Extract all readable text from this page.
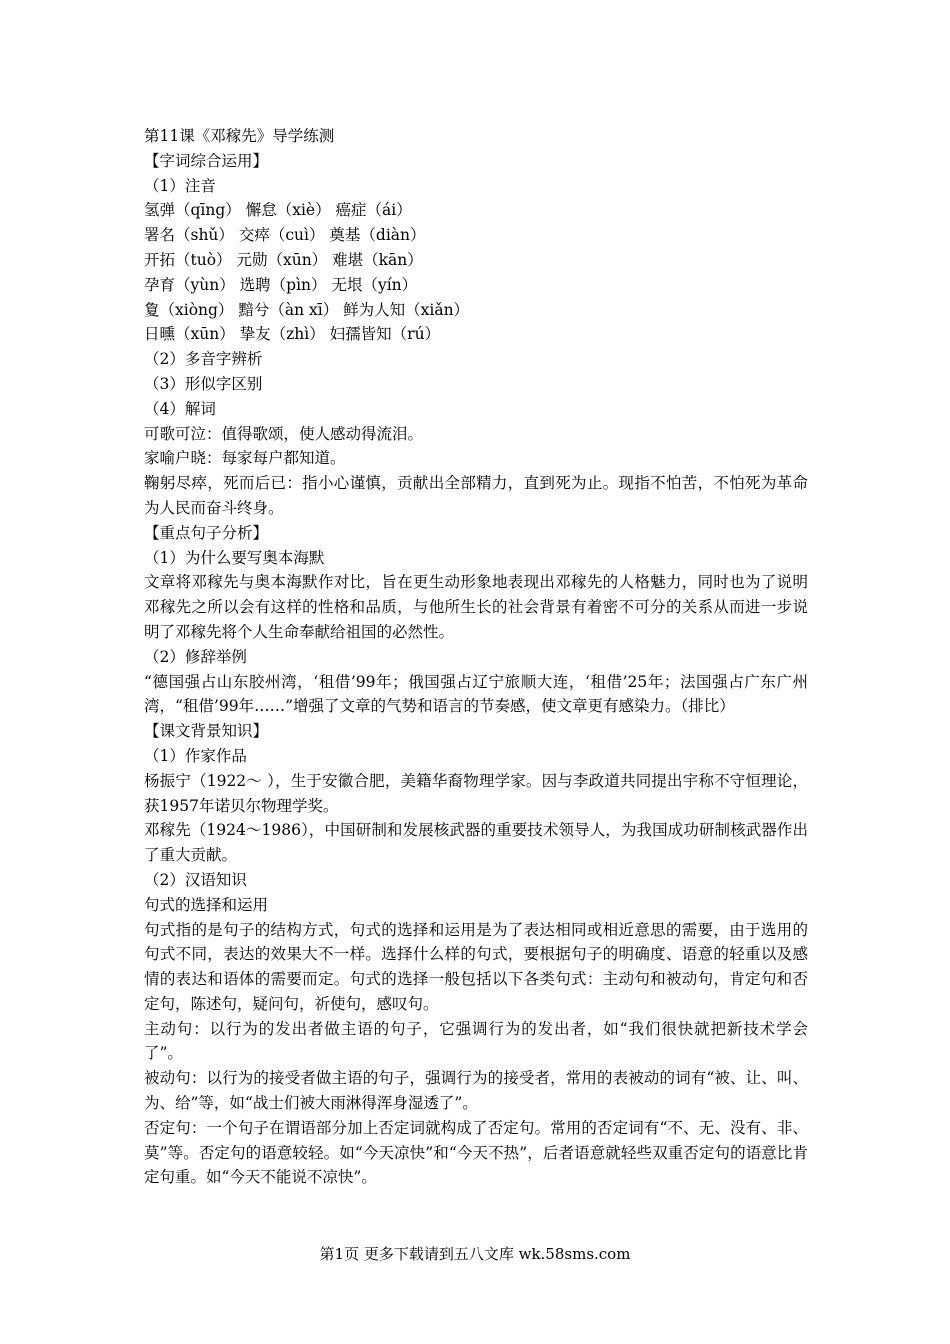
第11课《邓稼先》导学练测
【字词综合运用】
（1）注音
氢弹（qīng） 懈怠（xiè） 癌症（ái）
署名（shǔ） 交瘁（cuì） 奠基（diàn）
开拓（tuò） 元勋（xūn） 难堪（kān）
孕育（yùn） 选聘（pìn） 无垠（yín）
夐（xiòng） 黯兮（àn xī） 鲜为人知（xiǎn）
日曛（xūn） 挚友（zhì） 妇孺皆知（rú）
（2）多音字辨析
（3）形似字区别
（4）解词
可歌可泣：值得歌颂，使人感动得流泪。
家喻户晓：每家每户都知道。
鞠躬尽瘁，死而后已：指小心谨慎，贡献出全部精力，直到死为止。现指不怕苦，不怕死为革命为人民而奋斗终身。
【重点句子分析】
（1）为什么要写奥本海默
文章将邓稼先与奥本海默作对比，旨在更生动形象地表现出邓稼先的人格魅力，同时也为了说明邓稼先之所以会有这样的性格和品质，与他所生长的社会背景有着密不可分的关系从而进一步说明了邓稼先将个人生命奉献给祖国的必然性。
（2）修辞举例
“德国强占山东胶州湾，‘租借’99年；俄国强占辽宁旅顺大连，‘租借’25年；法国强占广东广州湾，“租借’99年……”增强了文章的气势和语言的节奏感，使文章更有感染力。（排比）
【课文背景知识】
（1）作家作品
杨振宁（1922～ ），生于安徽合肥，美籍华裔物理学家。因与李政道共同提出宇称不守恒理论，获1957年诺贝尔物理学奖。
邓稼先（1924～1986），中国研制和发展核武器的重要技术领导人，为我国成功研制核武器作出了重大贡献。
（2）汉语知识
句式的选择和运用
句式指的是句子的结构方式，句式的选择和运用是为了表达相同或相近意思的需要，由于选用的句式不同，表达的效果大不一样。选择什么样的句式，要根据句子的明确度、语意的轻重以及感情的表达和语体的需要而定。句式的选择一般包括以下各类句式：主动句和被动句，肯定句和否定句，陈述句，疑问句，祈使句，感叹句。
主动句：以行为的发出者做主语的句子，它强调行为的发出者，如“我们很快就把新技术学会了”。
被动句：以行为的接受者做主语的句子，强调行为的接受者，常用的表被动的词有“被、让、叫、为、给”等，如“战士们被大雨淋得浑身湿透了”。
否定句：一个句子在谓语部分加上否定词就构成了否定句。常用的否定词有“不、无、没有、非、莫”等。否定句的语意较轻。如“今天凉快”和“今天不热”，后者语意就轻些双重否定句的语意比肯定句重。如“今天不能说不凉快”。
第1页 更多下载请到五八文库 wk.58sms.com
